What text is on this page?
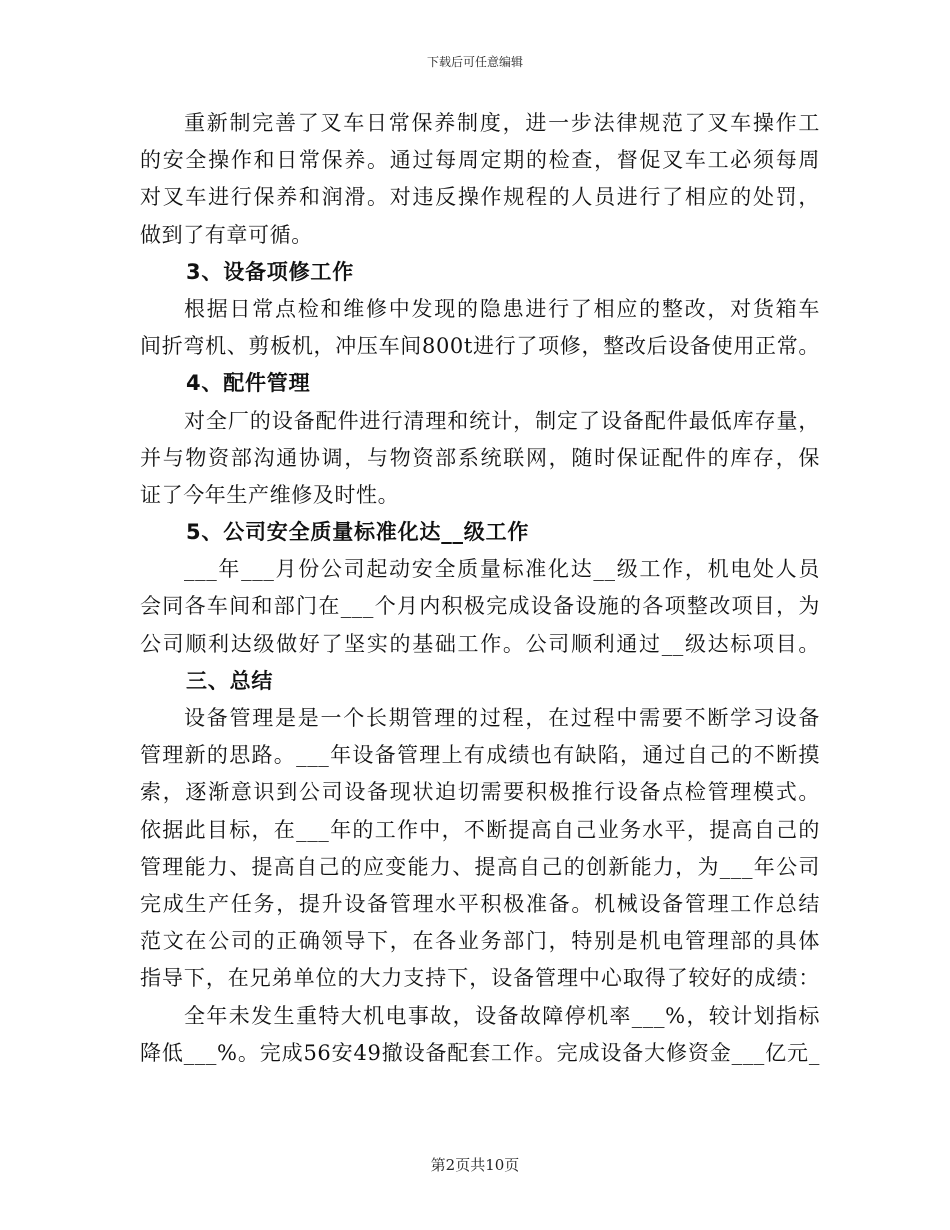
下载后可任意编辑
重新制完善了叉车日常保养制度，进一步法律规范了叉车操作工
的安全操作和日常保养。通过每周定期的检查，督促叉车工必须每周
对叉车进行保养和润滑。对违反操作规程的人员进行了相应的处罚，
做到了有章可循。
3、设备项修工作
根据日常点检和维修中发现的隐患进行了相应的整改，对货箱车
间折弯机、剪板机，冲压车间800t进行了项修，整改后设备使用正常。
4、配件管理
对全厂的设备配件进行清理和统计，制定了设备配件最低库存量，
并与物资部沟通协调，与物资部系统联网，随时保证配件的库存，保
证了今年生产维修及时性。
5、公司安全质量标准化达__级工作
___年___月份公司起动安全质量标准化达__级工作，机电处人员
会同各车间和部门在___个月内积极完成设备设施的各项整改项目，为
公司顺利达级做好了坚实的基础工作。公司顺利通过__级达标项目。
三、总结
设备管理是是一个长期管理的过程，在过程中需要不断学习设备
管理新的思路。___年设备管理上有成绩也有缺陷，通过自己的不断摸
索，逐渐意识到公司设备现状迫切需要积极推行设备点检管理模式。
依据此目标，在___年的工作中，不断提高自己业务水平，提高自己的
管理能力、提高自己的应变能力、提高自己的创新能力，为___年公司
完成生产任务，提升设备管理水平积极准备。机械设备管理工作总结
范文在公司的正确领导下，在各业务部门，特别是机电管理部的具体
指导下，在兄弟单位的大力支持下，设备管理中心取得了较好的成绩：
全年未发生重特大机电事故，设备故障停机率___%，较计划指标
降低___%。完成56安49撤设备配套工作。完成设备大修资金___亿元_
第2页共10页
